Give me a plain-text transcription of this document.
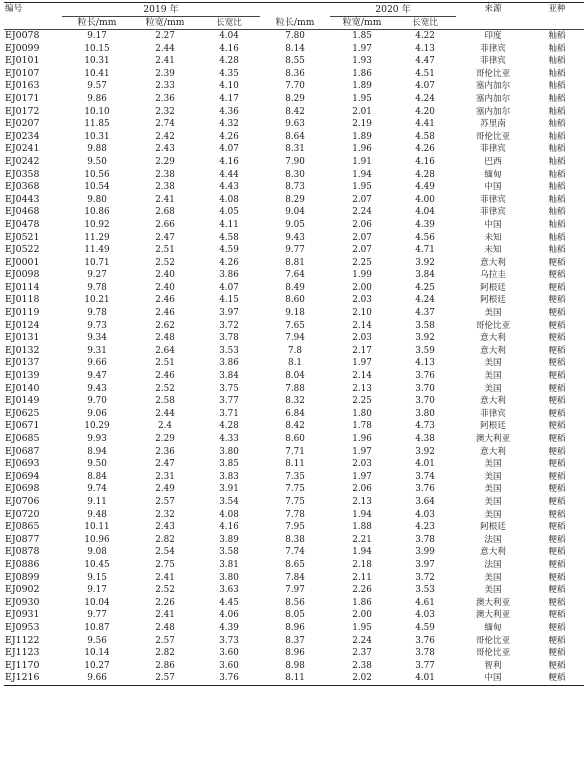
编号	2019 年				2020 年		来源	亚种
	粒长/mm	粒宽/mm	长宽比	粒长/mm	粒宽/mm	长宽比		
EJ0078	9.17	2.27	4.04	7.80	1.85	4.22	印度	籼稻
EJ0099	10.15	2.44	4.16	8.14	1.97	4.13	菲律宾	籼稻
EJ0101	10.31	2.41	4.28	8.55	1.93	4.47	菲律宾	籼稻
EJ0107	10.41	2.39	4.35	8.36	1.86	4.51	哥伦比亚	籼稻
EJ0163	9.57	2.33	4.10	7.70	1.89	4.07	塞内加尔	籼稻
EJ0171	9.86	2.36	4.17	8.29	1.95	4.24	塞内加尔	籼稻
EJ0172	10.10	2.32	4.36	8.42	2.01	4.20	塞内加尔	籼稻
EJ0207	11.85	2.74	4.32	9.63	2.19	4.41	苏里南	籼稻
EJ0234	10.31	2.42	4.26	8.64	1.89	4.58	哥伦比亚	籼稻
EJ0241	9.88	2.43	4.07	8.31	1.96	4.26	菲律宾	籼稻
EJ0242	9.50	2.29	4.16	7.90	1.91	4.16	巴西	籼稻
EJ0358	10.56	2.38	4.44	8.30	1.94	4.28	缅甸	籼稻
EJ0368	10.54	2.38	4.43	8.73	1.95	4.49	中国	籼稻
EJ0443	9.80	2.41	4.08	8.29	2.07	4.00	菲律宾	籼稻
EJ0468	10.86	2.68	4.05	9.04	2.24	4.04	菲律宾	籼稻
EJ0478	10.92	2.66	4.11	9.05	2.06	4.39	中国	籼稻
EJ0521	11.29	2.47	4.58	9.43	2.07	4.56	未知	籼稻
EJ0522	11.49	2.51	4.59	9.77	2.07	4.71	未知	籼稻
EJ0001	10.71	2.52	4.26	8.81	2.25	3.92	意大利	粳稻
EJ0098	9.27	2.40	3.86	7.64	1.99	3.84	乌拉圭	粳稻
EJ0114	9.78	2.40	4.07	8.49	2.00	4.25	阿根廷	粳稻
EJ0118	10.21	2.46	4.15	8.60	2.03	4.24	阿根廷	粳稻
EJ0119	9.78	2.46	3.97	9.18	2.10	4.37	美国	粳稻
EJ0124	9.73	2.62	3.72	7.65	2.14	3.58	哥伦比亚	粳稻
EJ0131	9.34	2.48	3.78	7.94	2.03	3.92	意大利	粳稻
EJ0132	9.31	2.64	3.53	7.8	2.17	3.59	意大利	粳稻
EJ0137	9.66	2.51	3.86	8.1	1.97	4.13	美国	粳稻
EJ0139	9.47	2.46	3.84	8.04	2.14	3.76	美国	粳稻
EJ0140	9.43	2.52	3.75	7.88	2.13	3.70	美国	粳稻
EJ0149	9.70	2.58	3.77	8.32	2.25	3.70	意大利	粳稻
EJ0625	9.06	2.44	3.71	6.84	1.80	3.80	菲律宾	粳稻
EJ0671	10.29	2.4	4.28	8.42	1.78	4.73	阿根廷	粳稻
EJ0685	9.93	2.29	4.33	8.60	1.96	4.38	澳大利亚	粳稻
EJ0687	8.94	2.36	3.80	7.71	1.97	3.92	意大利	粳稻
EJ0693	9.50	2.47	3.85	8.11	2.03	4.01	美国	粳稻
EJ0694	8.84	2.31	3.83	7.35	1.97	3.74	美国	粳稻
EJ0698	9.74	2.49	3.91	7.75	2.06	3.76	美国	粳稻
EJ0706	9.11	2.57	3.54	7.75	2.13	3.64	美国	粳稻
EJ0720	9.48	2.32	4.08	7.78	1.94	4.03	美国	粳稻
EJ0865	10.11	2.43	4.16	7.95	1.88	4.23	阿根廷	粳稻
EJ0877	10.96	2.82	3.89	8.38	2.21	3.78	法国	粳稻
EJ0878	9.08	2.54	3.58	7.74	1.94	3.99	意大利	粳稻
EJ0886	10.45	2.75	3.81	8.65	2.18	3.97	法国	粳稻
EJ0899	9.15	2.41	3.80	7.84	2.11	3.72	美国	粳稻
EJ0902	9.17	2.52	3.63	7.97	2.26	3.53	美国	粳稻
EJ0930	10.04	2.26	4.45	8.56	1.86	4.61	澳大利亚	粳稻
EJ0931	9.77	2.41	4.06	8.05	2.00	4.03	澳大利亚	粳稻
EJ0953	10.87	2.48	4.39	8.96	1.95	4.59	缅甸	粳稻
EJ1122	9.56	2.57	3.73	8.37	2.24	3.76	哥伦比亚	粳稻
EJ1123	10.14	2.82	3.60	8.96	2.37	3.78	哥伦比亚	粳稻
EJ1170	10.27	2.86	3.60	8.98	2.38	3.77	智利	粳稻
EJ1216	9.66	2.57	3.76	8.11	2.02	4.01	中国	粳稻
